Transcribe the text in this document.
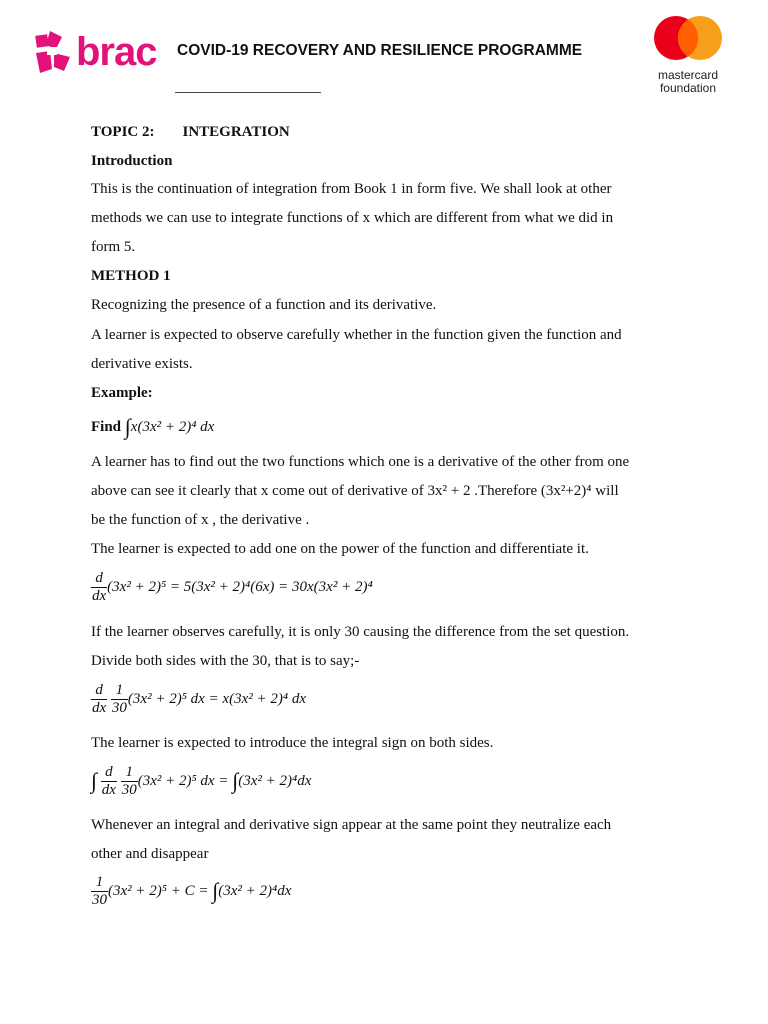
brac COVID-19 RECOVERY AND RESILIENCE PROGRAMME
mastercard
foundation
TOPIC 2: INTEGRATION
Introduction
This is the continuation of integration from Book 1 in form five. We shall look at other
methods we can use to integrate functions of x which are different from what we did in
form 5.
METHOD 1
Recognizing the presence of a function and its derivative.
A learner is expected to observe carefully whether in the function given the function and
derivative exists.
Example:
Find ∫x(3x² + 2)⁴ dx
A learner has to find out the two functions which one is a derivative of the other from one
above can see it clearly that x come out of derivative of 3x² + 2 .Therefore (3x²+2)⁴ will
be the function of x , the derivative .
The learner is expected to add one on the power of the function and differentiate it.
$\frac{d}{dx} (3x^2 + 2)^5 = 5(3x^2 + 2)^4(6x) = 30x(3x^2 + 2)^4$
If the learner observes carefully, it is only 30 causing the difference from the set question.
Divide both sides with the 30, that is to say;-
$\frac{d}{dx}$
$\frac{1}{30} (3x^2 + 2)^5$ dx = x(3x² + 2)⁴ dx
The learner is expected to introduce the integral sign on both sides.
∫ $\frac{d}{dx}$
$\frac{1}{30} (3x^2 + 2)^5$ dx = ∫(3x² + 2)⁴dx
Whenever an integral and derivative sign appear at the same point they neutralize each
other and disappear
$\frac{1}{30} (3x^2 + 2)^5 + C = \int(3x^2 + 2)^4dx$
